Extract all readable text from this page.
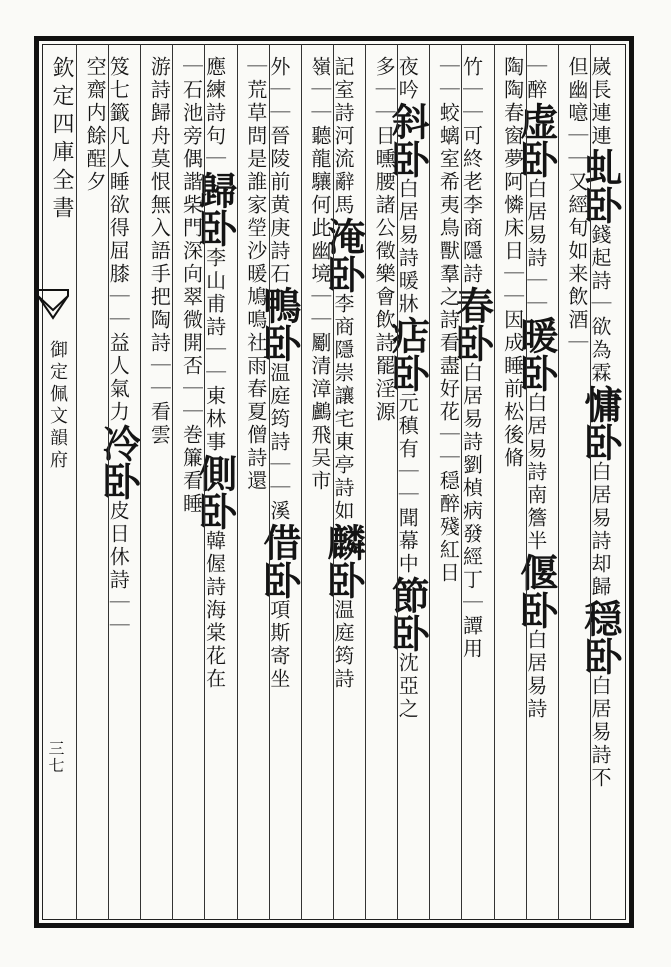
欽定四庫全書
御定佩文韻府
三七
嵗長連連虬卧錢起詩｜欲為霖慵卧白居易詩却歸穏卧白居易詩不
但幽噫｜｜又經旬如来飲酒｜
｜醉虚卧白居易詩｜｜暖卧白居易詩南簷半偃卧白居易詩
陶陶春窗夢阿憐床日｜｜因成睡前松後脩
竹｜｜可終老李商隱詩春卧白居易詩劉楨病發經丁｜譚用
｜｜蛟螭室希夷鳥獸羣之詩看盡好花｜｜穏醉殘紅日
夜吟斜卧白居易詩暖牀痁卧元稹有｜｜聞幕中節卧沈亞之
多｜｜日曛腰諸公徵樂會飲詩罷淫源
記室詩河流辭馬淹卧李商隱崇讓宅東亭詩如麟卧温庭筠詩
嶺｜｜聽龍驤何此幽境｜｜劚清漳鸕飛吴市
外｜｜晉陵前黄庚詩石鴨卧温庭筠詩｜｜溪借卧項斯寄坐
｜荒草問是誰家塋沙暖鳩鳴社雨春夏僧詩還
應練詩句｜歸卧李山甫詩｜｜東林事側卧韓偓詩海棠花在
｜石池旁偶諧柴門深向翠微開否｜｜巻簾看睡
游詩歸舟莫恨無入語手把陶詩｜｜看雲
笈七籤凡人睡欲得屈膝｜｜益人氣力冷卧皮日休詩｜｜
空齋内餘酲夕
